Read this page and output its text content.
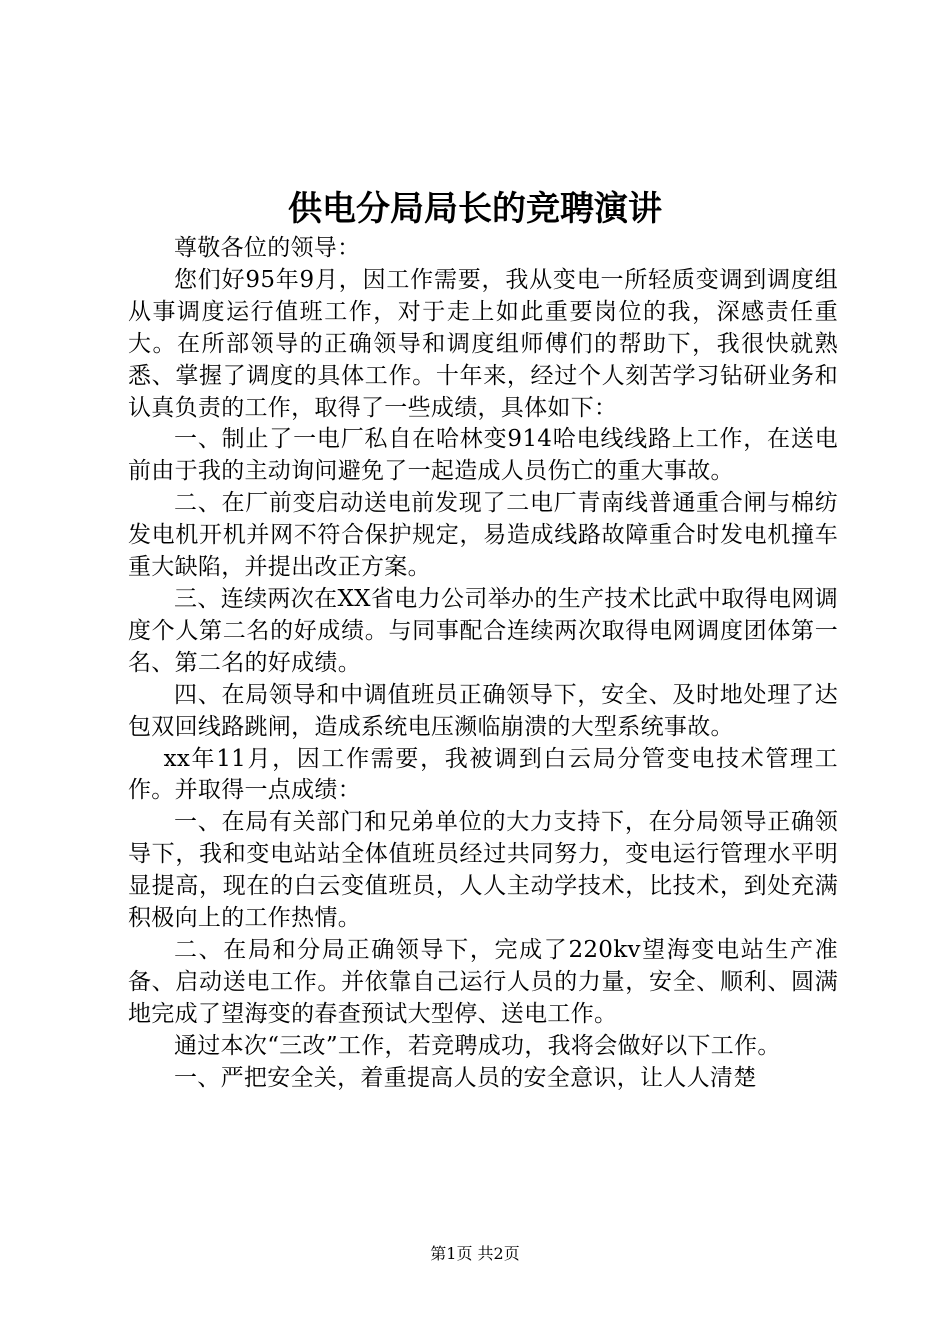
供电分局局长的竞聘演讲

尊敬各位的领导：

您们好95年9月，因工作需要，我从变电一所轻质变调到调度组从事调度运行值班工作，对于走上如此重要岗位的我，深感责任重大。在所部领导的正确领导和调度组师傅们的帮助下，我很快就熟悉、掌握了调度的具体工作。十年来，经过个人刻苦学习钻研业务和认真负责的工作，取得了一些成绩，具体如下：

一、制止了一电厂私自在哈林变914哈电线线路上工作，在送电前由于我的主动询问避免了一起造成人员伤亡的重大事故。

二、在厂前变启动送电前发现了二电厂青南线普通重合闸与棉纺发电机开机并网不符合保护规定，易造成线路故障重合时发电机撞车重大缺陷，并提出改正方案。

三、连续两次在XX省电力公司举办的生产技术比武中取得电网调度个人第二名的好成绩。与同事配合连续两次取得电网调度团体第一名、第二名的好成绩。

四、在局领导和中调值班员正确领导下，安全、及时地处理了达包双回线路跳闸，造成系统电压濒临崩溃的大型系统事故。

xx年11月，因工作需要，我被调到白云局分管变电技术管理工作。并取得一点成绩：

一、在局有关部门和兄弟单位的大力支持下，在分局领导正确领导下，我和变电站站全体值班员经过共同努力，变电运行管理水平明显提高，现在的白云变值班员，人人主动学技术，比技术，到处充满积极向上的工作热情。

二、在局和分局正确领导下，完成了220kv望海变电站生产准备、启动送电工作。并依靠自己运行人员的力量，安全、顺利、圆满地完成了望海变的春查预试大型停、送电工作。

通过本次“三改”工作，若竞聘成功，我将会做好以下工作。

一、严把安全关，着重提高人员的安全意识，让人人清楚

第1页 共2页
